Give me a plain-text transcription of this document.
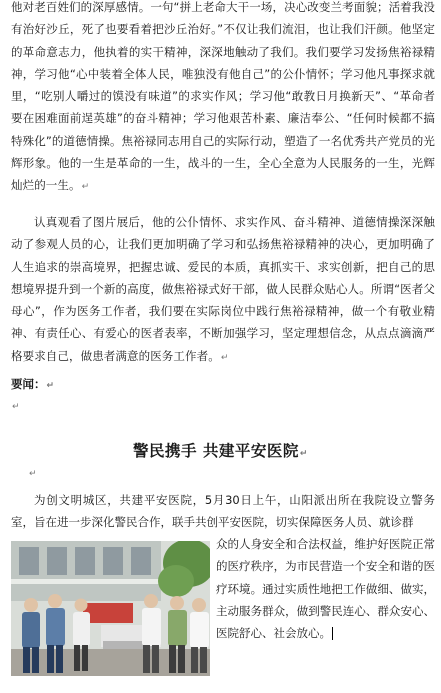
他对老百姓们的深厚感情。一句“拼上老命大干一场，决心改变兰考面貌；活着我没有治好沙丘，死了也要看着把沙丘治好。”不仅让我们流泪，也让我们汗颜。他坚定的革命意志力，他执着的实干精神，深深地触动了我们。我们要学习发扬焦裕禄精神，学习他“心中装着全体人民，唯独没有他自己”的公仆情怀；学习他凡事探求就里，“吃别人嚼过的馍没有味道”的求实作风；学习他“敢教日月换新天”、“革命者要在困难面前逞英雄”的奋斗精神；学习他艰苦朴素、廉洁奉公、“任何时候都不搞特殊化”的道德情操。焦裕禄同志用自己的实际行动，塑造了一名优秀共产党员的光辉形象。他的一生是革命的一生，战斗的一生，全心全意为人民服务的一生，光辉灿烂的一生。↵

认真观看了图片展后，他的公仆情怀、求实作风、奋斗精神、道德情操深深触动了参观人员的心，让我们更加明确了学习和弘扬焦裕禄精神的决心，更加明确了人生追求的崇高境界，把握忠诚、爱民的本质，真抓实干、求实创新，把自己的思想境界提升到一个新的高度，做焦裕禄式好干部，做人民群众贴心人。所谓“医者父母心”，作为医务工作者，我们要在实际岗位中践行焦裕禄精神，做一个有敬业精神、有责任心、有爱心的医者表率，不断加强学习，坚定理想信念，从点点滴滴严格要求自己，做患者满意的医务工作者。↵

要闻：↵

↵

警民携手 共建平安医院↵

↵

为创文明城区，共建平安医院，5月30日上午，山阳派出所在我院设立警务室，旨在进一步深化警民合作，联手共创平安医院，切实保障医务人员、就诊群

众的人身安全和合法权益，维护好医院正常的医疗秩序，为市民营造一个安全和谐的医疗环境。通过实质性地把工作做细、做实，主动服务群众，做到警民连心、群众安心、医院舒心、社会放心。
